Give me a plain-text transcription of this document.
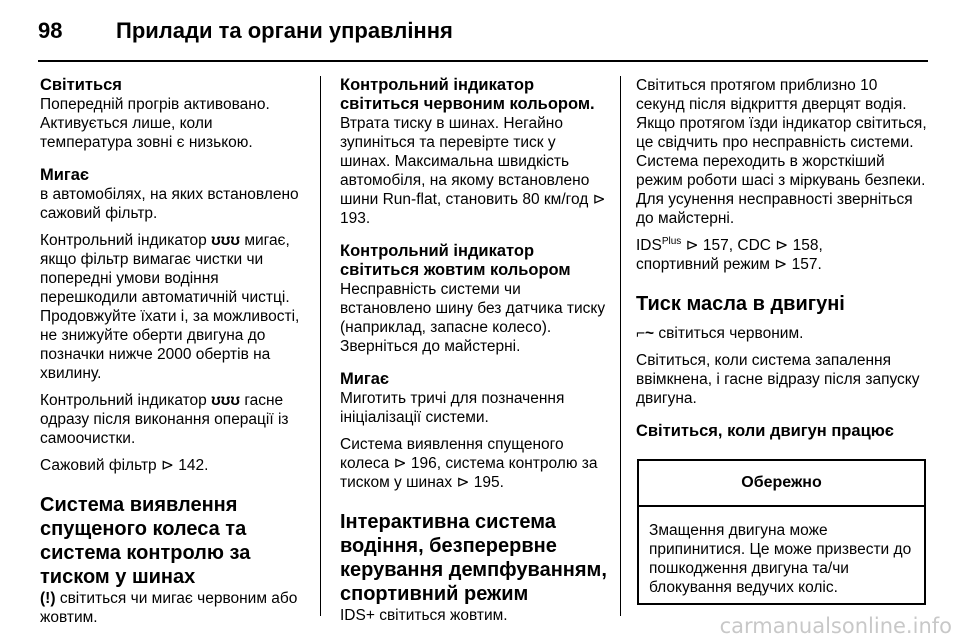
98 Прилади та органи управління

Світиться

Попередній прогрів активовано. Активується лише, коли температура зовні є низькою.

Мигає

в автомобілях, на яких встановлено сажовий фільтр.

Контрольний індикатор ʊʊʊ мигає, якщо фільтр вимагає чистки чи попередні умови водіння перешкодили автоматичній чистці. Продовжуйте їхати і, за можливості, не знижуйте оберти двигуна до позначки нижче 2000 обертів на хвилину.

Контрольний індикатор ʊʊʊ гасне одразу після виконання операції із самоочистки.

Сажовий фільтр ⊳ 142.

Система виявлення спущеного колеса та система контролю за тиском у шинах

(!) світиться чи мигає червоним або жовтим.

Контрольний індикатор світиться червоним кольором.

Втрата тиску в шинах. Негайно зупиніться та перевірте тиск у шинах. Максимальна швидкість автомобіля, на якому встановлено шини Run-flat, становить 80 км/год ⊳ 193.

Контрольний індикатор світиться жовтим кольором

Несправність системи чи встановлено шину без датчика тиску (наприклад, запасне колесо). Зверніться до майстерні.

Мигає

Миготить тричі для позначення ініціалізації системи.

Система виявлення спущеного колеса ⊳ 196, система контролю за тиском у шинах ⊳ 195.

Інтерактивна система водіння, безперервне керування демпфуванням, спортивний режим

IDS+ світиться жовтим.

Світиться протягом приблизно 10 секунд після відкриття дверцят водія. Якщо протягом їзди індикатор світиться, це свідчить про несправність системи. Система переходить в жорсткіший режим роботи шасі з міркувань безпеки. Для усунення несправності зверніться до майстерні.

$IDS^{Plus}$ ⊳ 157, CDC ⊳ 158,
спортивний режим ⊳ 157.

Тиск масла в двигуні

⌐~ світиться червоним.

Світиться, коли система запалення ввімкнена, і гасне відразу після запуску двигуна.

Світиться, коли двигун працює

Обережно
Змащення двигуна може припинитися. Це може призвести до пошкодження двигуна та/чи блокування ведучих коліс.
carmanualsonline.info
